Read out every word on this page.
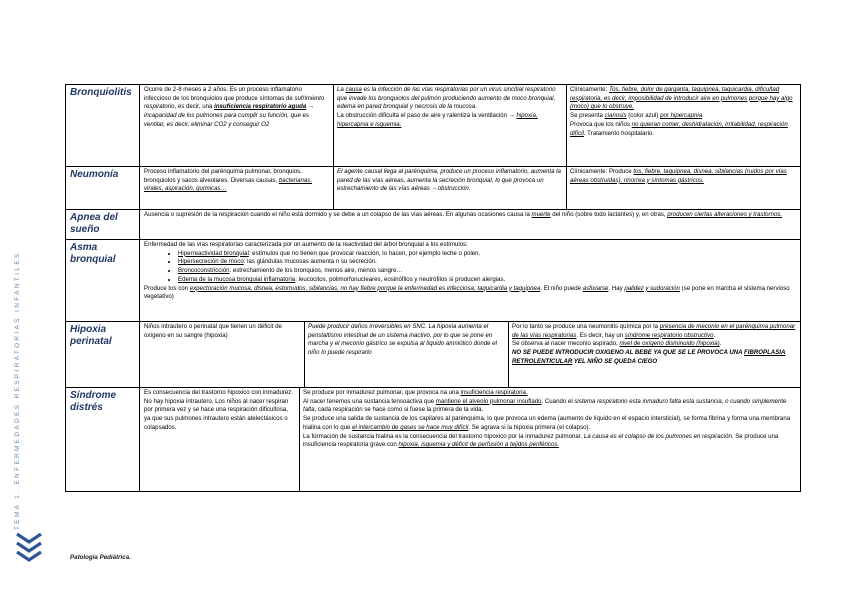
TEMA 1: ENFERMEDADES RESPIRATORIAS INFANTILES
Patología Pediátrica.
Bronquiolitis	Ocurre de 2-8 meses a 2 años. Es un proceso inflamatorio infeccioso de los bronquiolos que produce síntomas de sufrimiento respiratorio, es decir, una insuficiencia respiratorio aguda → incapacidad de los pulmones para cumplir su función, que es ventilar, es decir, eliminar CO2 y conseguir O2
La causa es la infección de las vías respiratorias por un virus sincitial respiratorio que invade los bronquiolos del pulmón produciendo aumento de moco bronquial, edema en pared bronquial y necrosis de la mucosa.
La obstrucción dificulta el paso de aire y ralentiza la ventilación → hipoxia, hipercapnia e isquemia.
Clínicamente: Tos, fiebre, dolor de garganta, taquipnea, taquicardia, dificultad respiratoria, es decir, imposibilidad de introducir aire en pulmones porque hay algo (moco) que lo obstruye.
Se presenta cianosis (color azul) por hipercapnia.
Provoca que los niños no quieran comer, deshidratación, irritabilidad, respiración difícil. Tratamiento hospitalario.
Neumonía	Proceso inflamatorio del parénquima pulmonar, bronquios, bronquiolos y sacos alveolares. Diversas causas, bacterianas, virales, aspiración, químicas…
El agente causal llega al parénquima, produce un proceso inflamatorio, aumenta la pared de las vías aéreas, aumenta la secreción bronquial, lo que provoca un estrechamiento de las vías aéreas →obstrucción.
Clínicamente: Produce tos, fiebre, taquipnea, disnea, sibilancias (ruidos por vías aéreas obstruidas), rinorrea y síntomas gástricos.
Apnea del sueño
Ausencia o supresión de la respiración cuando el niño está dormido y se debe a un colapso de las vías aéreas. En algunas ocasiones causa la muerte del niño (sobre todo lactantes) y, en otras, producen ciertas alteraciones y trastornos.
Asma bronquial
Enfermedad de las vías respiratorias caracterizada por un aumento de la reactividad del árbol bronquial a los estímulos:
• Hiperreactividad bronquial: estímulos que no tienen que provocar reacción, lo hacen, por ejemplo leche o polen.
• Hipersecreción de moco: las glándulas mucosas aumenta n su secreción.
• Broncoconstricción: estrechamiento de los bronquios, menos aire, menos sangre…
• Edema de la mucosa bronquial inflamatoria: leucocitos, polimorfonucleares, eosinófilos y neutrófilos si producen alergias.
Produce tos con expectoración mucosa, disnea, estornudos, sibilancias, no hay fiebre porque la enfermedad es infecciosa, taquicardia y taquipnea. El niño puede asfixiarse. Hay palidez y sudoración (se pone en marcha el sistema nervioso vegetativo)
Hipoxia perinatal
Niños intrautero o perinatal que tienen un déficit de oxígeno en su sangre (hipoxia)
Puede producir daños irreversibles en SNC. La hipoxia aumenta el peristaltismo intestinal de un sistema inactivo, por lo que se pone en marcha y el meconio gástrico se expulsa al líquido amniótico donde el niño lo puede respirarlo
Por lo tanto se produce una neumonitis química por la presencia de meconio en el parénquima pulmonar de las vías respiratorias. Es decir, hay un síndrome respiratorio obstructivo.
Se observa al nacer meconio aspirado, nivel de oxígeno disminuido (hipoxia).
NO SE PUEDE INTRODUCIR OXIGENO AL BEBE YA QUE SE LE PROVOCA UNA FIBROPLASIA RETROLENTICULAR YEL NIÑO SE QUEDA CIEGO
Síndrome distrés
Es consecuencia del trastorno hipoxico con inmadurez. No hay hipoxia intrautero. Los niños al nacer respiran por primera vez y se hace una respiración dificultosa, ya que sus pulmones intrautero están atelectásicos o colapsados.
Se produce por inmadurez pulmonar, que provoca na una insuficiencia respiratoria.
Al nacer tenemos una sustancia tensoactiva que mantiene el alveolo pulmonar insuflado. Cuando el sistema respiratorio esta inmaduro falta esta sustancia, o cuando simplemente falta, cada respiración se hace como si fuese la primera de la vida.
Se produce una salida de sustancia de los capilares al parénquima, lo que provoca un edema (aumento de líquido en el espacio intersticial), se forma fibrina y forma una membrana hialina con lo que el intercambio de gases se hace muy difícil. Se agrava si la hipoxia primera (el colapso).
La formación de sustancia hialina es la consecuencia del trastorno hipoxico por la inmadurez pulmonar. La causa es el colapso de los pulmones en respiración. Se produce una insuficiencia respiratoria grave con hipoxia, isquemia y déficit de perfusión a tejidos periféricos.
